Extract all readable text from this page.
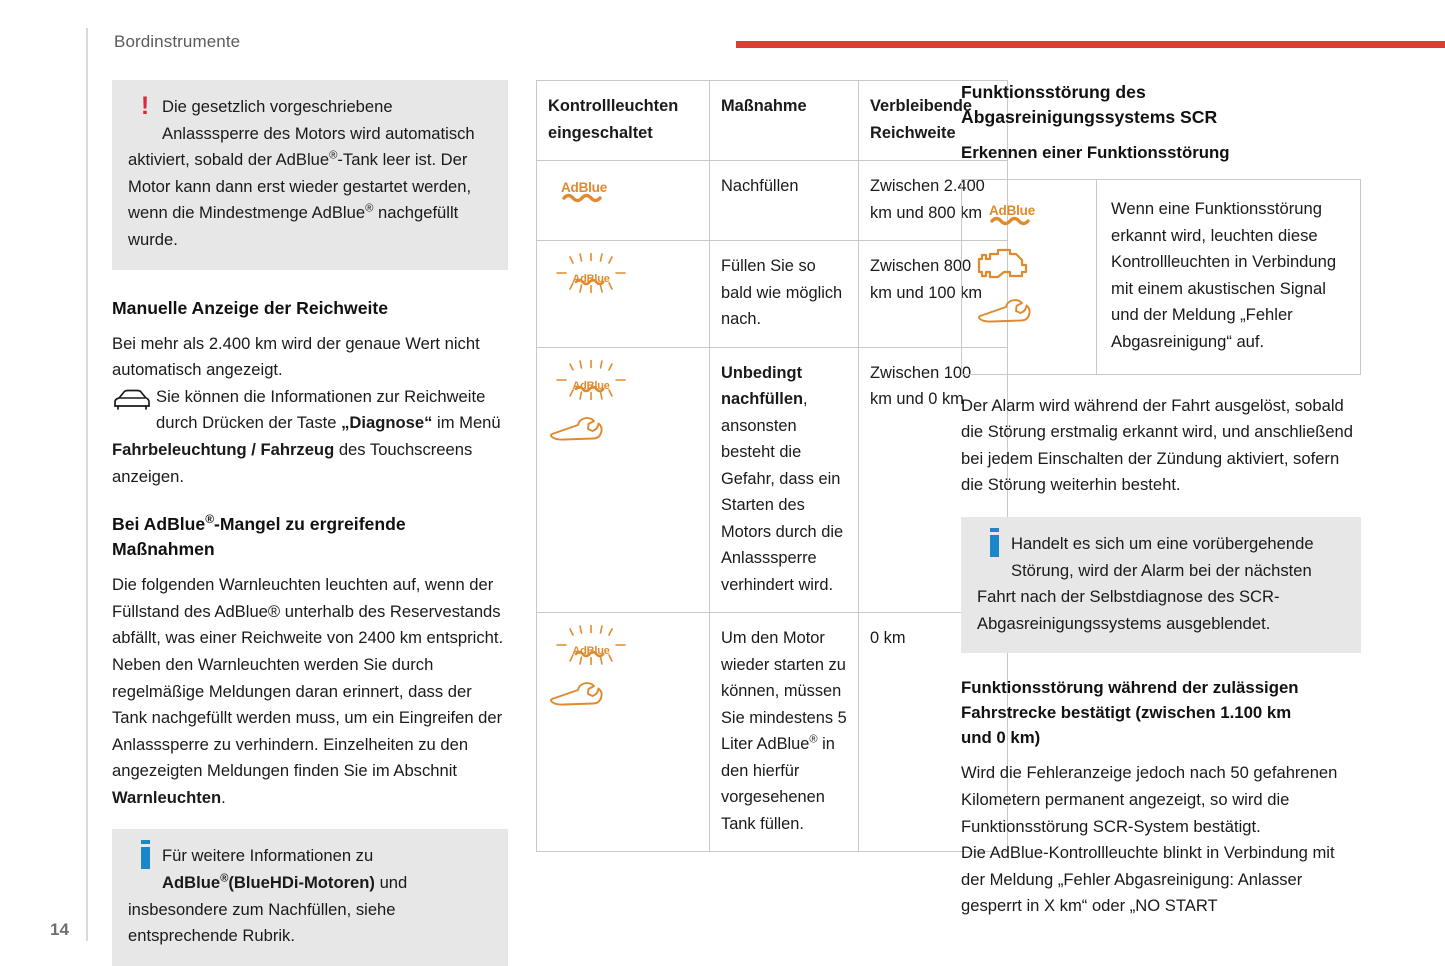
Bordinstrumente
14
! Die gesetzlich vorgeschriebene Anlasssperre des Motors wird automatisch aktiviert, sobald der AdBlue®-Tank leer ist. Der Motor kann dann erst wieder gestartet werden, wenn die Mindestmenge AdBlue® nachgefüllt wurde.
Manuelle Anzeige der Reichweite

Bei mehr als 2.400 km wird der genaue Wert nicht automatisch angezeigt.

Sie können die Informationen zur Reichweite durch Drücken der Taste „Diagnose“ im Menü Fahrbeleuchtung / Fahrzeug des Touchscreens anzeigen.

Bei AdBlue®-Mangel zu ergreifende
Maßnahmen

Die folgenden Warnleuchten leuchten auf, wenn der Füllstand des AdBlue® unterhalb des Reservestands abfällt, was einer Reichweite von 2400 km entspricht.

Neben den Warnleuchten werden Sie durch regelmäßige Meldungen daran erinnert, dass der Tank nachgefüllt werden muss, um ein Eingreifen der Anlasssperre zu verhindern. Einzelheiten zu den angezeigten Meldungen finden Sie im Abschnit Warnleuchten.

Für weitere Informationen zu AdBlue®(BlueHDi-Motoren) und insbesondere zum Nachfüllen, siehe entsprechende Rubrik.
Kontrollleuchten eingeschaltet	Maßnahme	Verbleibende Reichweite

AdBlue	Nachfüllen	Zwischen 2.400 km und 800 km

AdBlue	Füllen Sie so bald wie möglich nach.	Zwischen 800 km und 100 km

AdBlue	Unbedingt nachfüllen, ansonsten besteht die Gefahr, dass ein Starten des Motors durch die Anlasssperre verhindert wird.	Zwischen 100 km und 0 km

AdBlue	Um den Motor wieder starten zu können, müssen Sie mindestens 5 Liter AdBlue® in den hierfür vorgesehenen Tank füllen.	0 km
Funktionsstörung des
Abgasreinigungssystems SCR
Erkennen einer Funktionsstörung
AdBlue	Wenn eine Funktionsstörung erkannt wird, leuchten diese Kontrollleuchten in Verbindung mit einem akustischen Signal und der Meldung „Fehler Abgasreinigung“ auf.

Der Alarm wird während der Fahrt ausgelöst, sobald die Störung erstmalig erkannt wird, und anschließend bei jedem Einschalten der Zündung aktiviert, sofern die Störung weiterhin besteht.

Handelt es sich um eine vorübergehende Störung, wird der Alarm bei der nächsten Fahrt nach der Selbstdiagnose des SCR-Abgasreinigungssystems ausgeblendet.
Funktionsstörung während der zulässigen
Fahrstrecke bestätigt (zwischen 1.100 km
und 0 km)

Wird die Fehleranzeige jedoch nach 50 gefahrenen Kilometern permanent angezeigt, so wird die Funktionsstörung SCR-System bestätigt.

Die AdBlue-Kontrollleuchte blinkt in Verbindung mit der Meldung „Fehler Abgasreinigung: Anlasser gesperrt in X km“ oder „NO START
